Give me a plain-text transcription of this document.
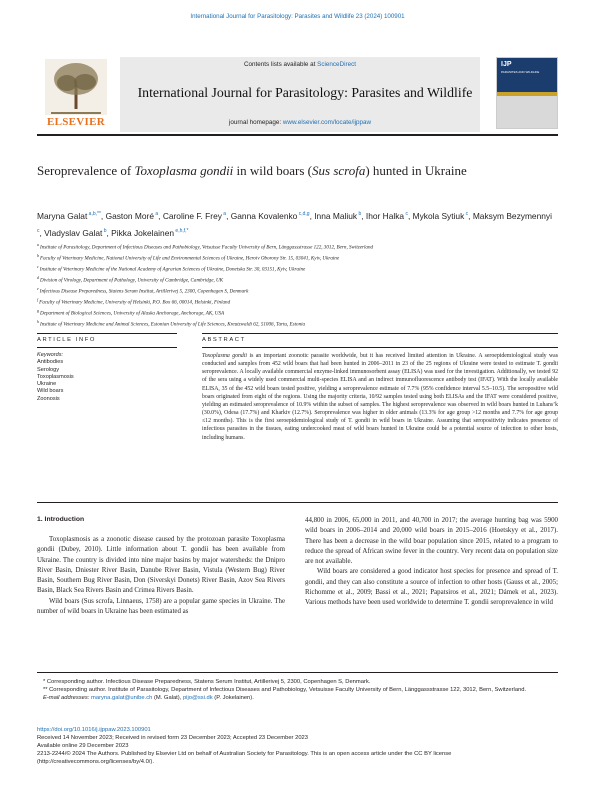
International Journal for Parasitology: Parasites and Wildlife 23 (2024) 100901
ELSEVIER
Contents lists available at ScienceDirect
International Journal for Parasitology: Parasites and Wildlife
journal homepage: www.elsevier.com/locate/ijppaw
IJP
PARASITES AND WILDLIFE
Seroprevalence of Toxoplasma gondii in wild boars (Sus scrofa) hunted in Ukraine
Maryna Galat $^{a,b,**}$, Gaston Moré $^a$, Caroline F. Frey $^a$, Ganna Kovalenko $^{c,d,g}$, Inna Maliuk $^b$, Ihor Halka $^c$, Mykola Sytiuk $^c$, Maksym Bezymennyi $^c$, Vladyslav Galat $^b$, Pikka Jokelainen $^{e,h,f,*}$
$^a$ Institute of Parasitology, Department of Infectious Diseases and Pathobiology, Vetsuisse Faculty University of Bern, Länggassstrasse 122, 3012, Bern, Switzerland
$^b$ Faculty of Veterinary Medicine, National University of Life and Environmental Sciences of Ukraine, Heroiv Oborony Str. 15, 03041, Kyiv, Ukraine
$^c$ Institute of Veterinary Medicine of the National Academy of Agrarian Sciences of Ukraine, Donetska Str. 30, 03151, Kyiv, Ukraine
$^d$ Division of Virology, Department of Pathology, University of Cambridge, Cambridge, UK
$^e$ Infectious Disease Preparedness, Statens Serum Institut, Artillerivej 5, 2300, Copenhagen S, Denmark
$^f$ Faculty of Veterinary Medicine, University of Helsinki, P.O. Box 66, 00014, Helsinki, Finland
$^g$ Department of Biological Sciences, University of Alaska Anchorage, Anchorage, AK, USA
$^h$ Institute of Veterinary Medicine and Animal Sciences, Estonian University of Life Sciences, Kreutzwaldi 62, 51006, Tartu, Estonia
ARTICLE INFO	ABSTRACT
Keywords:
Antibodies
Serology
Toxoplasmosis
Ukraine
Wild boars
Zoonosis
Toxoplasma gondii is an important zoonotic parasite worldwide, but it has received limited attention in Ukraine. A seroepidemiological study was conducted and samples from 452 wild boars that had been hunted in 2006–2011 in 23 of the 25 regions of Ukraine were tested to estimate T. gondii seroprevalence. A locally available commercial enzyme-linked immunosorbent assay (ELISA) was used for the investigation. Additionally, we tested 92 of the sera using a widely used commercial multi-species ELISA and an indirect immunofluorescence antibody test (IFAT). With the locally available ELISA, 35 of the 452 wild boars tested positive, yielding a seroprevalence estimate of 7.7% (95% confidence interval 5.5–10.5). The seropositive wild boars originated from eight of the regions. Using the majority criteria, 10/92 samples tested using both ELISAs and the IFAT were considered positive, yielding an estimated seroprevalence of 10.9% within the subset of samples. The highest seroprevalence was observed in wild boars hunted in Luhans’k (30.0%), Odesa (17.7%) and Kharkiv (12.7%). Seroprevalence was higher in older animals (13.3% for age group >12 months and 7.7% for age group ≤12 months). This is the first seroepidemiological study of T. gondii in wild boars in Ukraine. Assuming that seropositivity indicates presence of infectious parasites in the tissues, eating undercooked meat of wild boars hunted in Ukraine could be a potential source of infection to other hosts, including humans.
1. Introduction

Toxoplasmosis as a zoonotic disease caused by the protozoan parasite Toxoplasma gondii (Dubey, 2010). Little information about T. gondii has been available from Ukraine. The country is divided into nine major basins by major watersheds: the Dnipro River Basin, Dniester River Basin, Danube River Basin, Vistula (Western Bug) River Basin, Southern Bug River Basin, Don (Siverskyi Donets) River Basin, Azov Sea Rivers Basin, Black Sea Rivers Basin and Crimea Rivers Basin.

Wild boars (Sus scrofa, Linnaeus, 1758) are a popular game species in Ukraine. The number of wild boars in Ukraine has been estimated as

44,800 in 2006, 65,000 in 2011, and 40,700 in 2017; the average hunting bag was 5900 wild boars in 2006–2014 and 20,000 wild boars in 2015–2016 (Hoetskyy et al., 2017). There has been a decrease in the wild boar population since 2015, related to a program to reduce the spread of African swine fever in the country. Very recent data on population size are not available.

Wild boars are considered a good indicator host species for presence and spread of T. gondii, and they can also constitute a source of infection to other hosts (Gauss et al., 2005; Richomme et al., 2009; Bassi et al., 2021; Papatsiros et al., 2021; Dámek et al., 2023). Various methods have been used worldwide to determine T. gondii seroprevalence in wild

* Corresponding author. Infectious Disease Preparedness, Statens Serum Institut, Artillerivej 5, 2300, Copenhagen S, Denmark.
** Corresponding author. Institute of Parasitology, Department of Infectious Diseases and Pathobiology, Vetsuisse Faculty University of Bern, Länggassstrasse 122, 3012, Bern, Switzerland.
E-mail addresses: maryna.galat@unibe.ch (M. Galat), pijo@ssi.dk (P. Jokelainen).
https://doi.org/10.1016/j.ijppaw.2023.100901
Received 14 November 2023; Received in revised form 23 December 2023; Accepted 23 December 2023
Available online 29 December 2023
2213-2244/© 2024 The Authors. Published by Elsevier Ltd on behalf of Australian Society for Parasitology. This is an open access article under the CC BY license (http://creativecommons.org/licenses/by/4.0/).
